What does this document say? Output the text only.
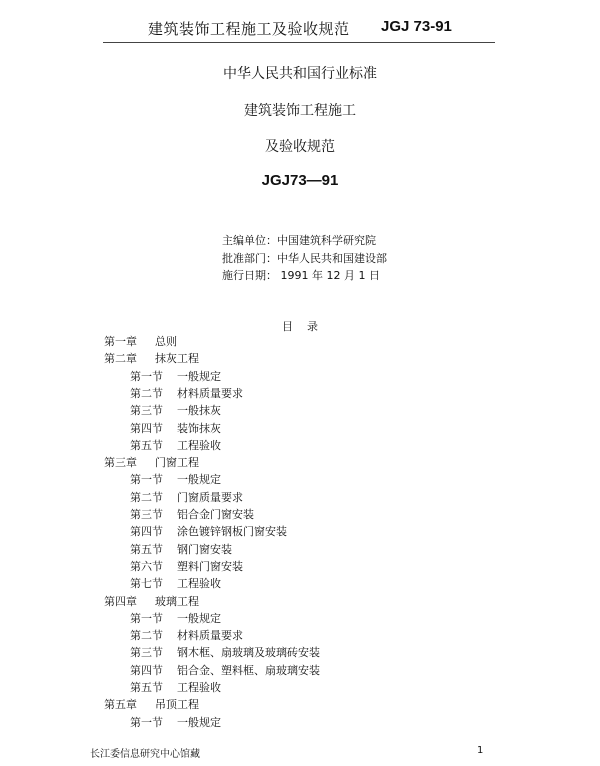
建筑装饰工程施工及验收规范 JGJ 73-91
中华人民共和国行业标准
建筑装饰工程施工
及验收规范
JGJ73—91
主编单位：中国建筑科学研究院
批准部门：中华人民共和国建设部
施行日期： 1991 年 12 月 1 日
目录
第一章 总则
第二章 抹灰工程
第一节 一般规定
第二节 材料质量要求
第三节 一般抹灰
第四节 装饰抹灰
第五节 工程验收
第三章 门窗工程
第一节 一般规定
第二节 门窗质量要求
第三节 铝合金门窗安装
第四节 涂色镀锌钢板门窗安装
第五节 钢门窗安装
第六节 塑料门窗安装
第七节 工程验收
第四章 玻璃工程
第一节 一般规定
第二节 材料质量要求
第三节 钢木框、扇玻璃及玻璃砖安装
第四节 铝合金、塑料框、扇玻璃安装
第五节 工程验收
第五章 吊顶工程
第一节 一般规定
长江委信息研究中心馆藏	1
